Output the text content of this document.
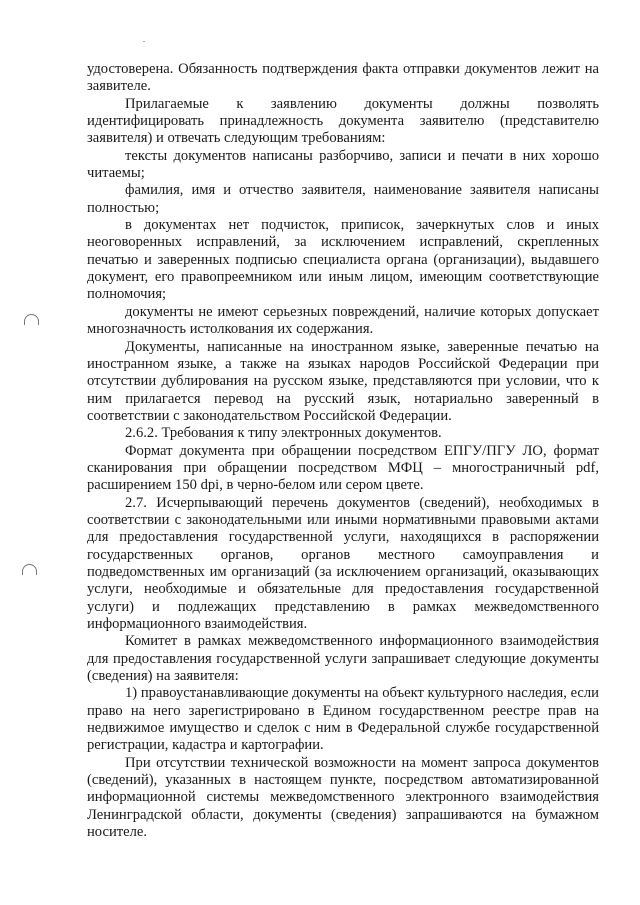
удостоверена. Обязанность подтверждения факта отправки документов лежит на заявителе.

Прилагаемые к заявлению документы должны позволять идентифицировать принадлежность документа заявителю (представителю заявителя) и отвечать следующим требованиям:

тексты документов написаны разборчиво, записи и печати в них хорошо читаемы;

фамилия, имя и отчество заявителя, наименование заявителя написаны полностью;

в документах нет подчисток, приписок, зачеркнутых слов и иных неоговоренных исправлений, за исключением исправлений, скрепленных печатью и заверенных подписью специалиста органа (организации), выдавшего документ, его правопреемником или иным лицом, имеющим соответствующие полномочия;

документы не имеют серьезных повреждений, наличие которых допускает многозначность истолкования их содержания.

Документы, написанные на иностранном языке, заверенные печатью на иностранном языке, а также на языках народов Российской Федерации при отсутствии дублирования на русском языке, представляются при условии, что к ним прилагается перевод на русский язык, нотариально заверенный в соответствии с законодательством Российской Федерации.

2.6.2. Требования к типу электронных документов.

Формат документа при обращении посредством ЕПГУ/ПГУ ЛО, формат сканирования при обращении посредством МФЦ – многостраничный pdf, расширением 150 dpi, в черно-белом или сером цвете.

2.7. Исчерпывающий перечень документов (сведений), необходимых в соответствии с законодательными или иными нормативными правовыми актами для предоставления государственной услуги, находящихся в распоряжении государственных органов, органов местного самоуправления и подведомственных им организаций (за исключением организаций, оказывающих услуги, необходимые и обязательные для предоставления государственной услуги) и подлежащих представлению в рамках межведомственного информационного взаимодействия.

Комитет в рамках межведомственного информационного взаимодействия для предоставления государственной услуги запрашивает следующие документы (сведения) на заявителя:

1) правоустанавливающие документы на объект культурного наследия, если право на него зарегистрировано в Едином государственном реестре прав на недвижимое имущество и сделок с ним в Федеральной службе государственной регистрации, кадастра и картографии.

При отсутствии технической возможности на момент запроса документов (сведений), указанных в настоящем пункте, посредством автоматизированной информационной системы межведомственного электронного взаимодействия Ленинградской области, документы (сведения) запрашиваются на бумажном носителе.
